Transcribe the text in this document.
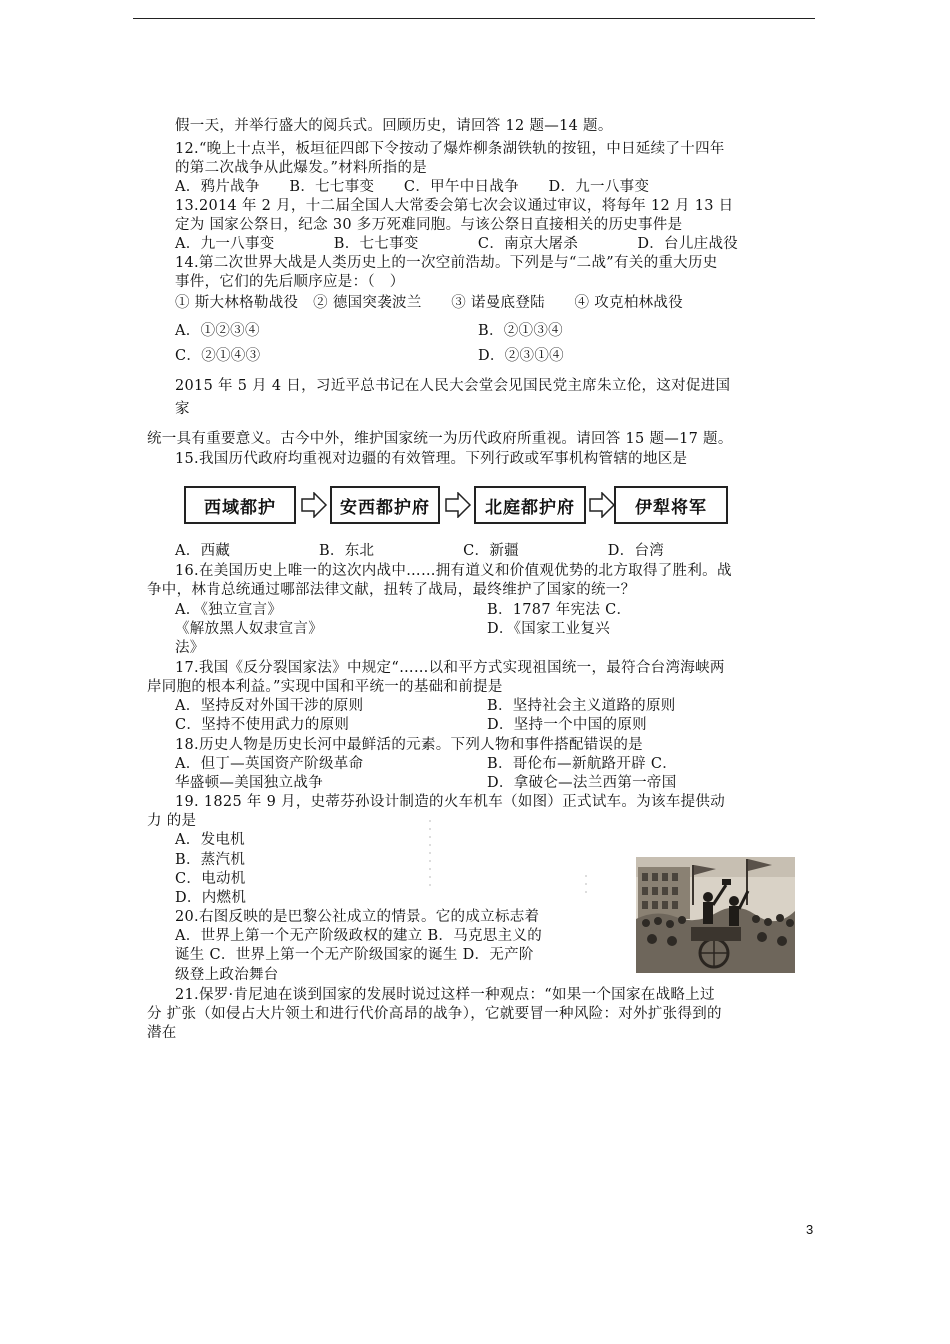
假一天，并举行盛大的阅兵式。回顾历史，请回答 12 题—14 题。
12.“晚上十点半，板垣征四郎下令按动了爆炸柳条湖铁轨的按钮，中日延续了十四年
的第二次战争从此爆发。”材料所指的是
A．鸦片战争　　B．七七事变　　C．甲午中日战争　　D．九一八事变
13.2014 年 2 月，十二届全国人大常委会第七次会议通过审议，将每年 12 月 13 日
定为 国家公祭日，纪念 30 多万死难同胞。与该公祭日直接相关的历史事件是
A．九一八事变　　　　B．七七事变　　　　C．南京大屠杀　　　　D．台儿庄战役
14.第二次世界大战是人类历史上的一次空前浩劫。下列是与“二战”有关的重大历史
事件，它们的先后顺序应是：（　）
① 斯大林格勒战役　② 德国突袭波兰　　③ 诺曼底登陆　　④ 攻克柏林战役
A．①②③④	B．②①③④
C．②①④③	D．②③①④
2015 年 5 月 4 日，习近平总书记在人民大会堂会见国民党主席朱立伦，这对促进国
家
统一具有重要意义。古今中外，维护国家统一为历代政府所重视。请回答 15 题—17 题。
15.我国历代政府均重视对边疆的有效管理。下列行政或军事机构管辖的地区是
西域都护	安西都护府	北庭都护府	伊犁将军
A．西藏　　　　　　B．东北　　　　　　C．新疆　　　　　　D．台湾
16.在美国历史上唯一的这次内战中……拥有道义和价值观优势的北方取得了胜利。战
争中，林肯总统通过哪部法律文献，扭转了战局，最终维护了国家的统一？
A．《独立宣言》	B．1787 年宪法 C．
《解放黑人奴隶宣言》	D．《国家工业复兴
法》
17.我国《反分裂国家法》中规定“……以和平方式实现祖国统一，最符合台湾海峡两
岸同胞的根本利益。”实现中国和平统一的基础和前提是
A．坚持反对外国干涉的原则	B．坚持社会主义道路的原则
C．坚持不使用武力的原则	D．坚持一个中国的原则
18.历史人物是历史长河中最鲜活的元素。下列人物和事件搭配错误的是
A．但丁—英国资产阶级革命	B．哥伦布—新航路开辟 C．
华盛顿—美国独立战争	D．拿破仑—法兰西第一帝国
19. 1825 年 9 月，史蒂芬孙设计制造的火车机车（如图）正式试车。为该车提供动
力 的是
A．发电机
B．蒸汽机
C．电动机
D．内燃机
20.右图反映的是巴黎公社成立的情景。它的成立标志着
A．世界上第一个无产阶级政权的建立 B．马克思主义的
诞生 C．世界上第一个无产阶级国家的诞生 D．无产阶
级登上政治舞台
21.保罗·肯尼迪在谈到国家的发展时说过这样一种观点：“如果一个国家在战略上过
分 扩张（如侵占大片领土和进行代价高昂的战争），它就要冒一种风险：对外扩张得到的
潜在
3
